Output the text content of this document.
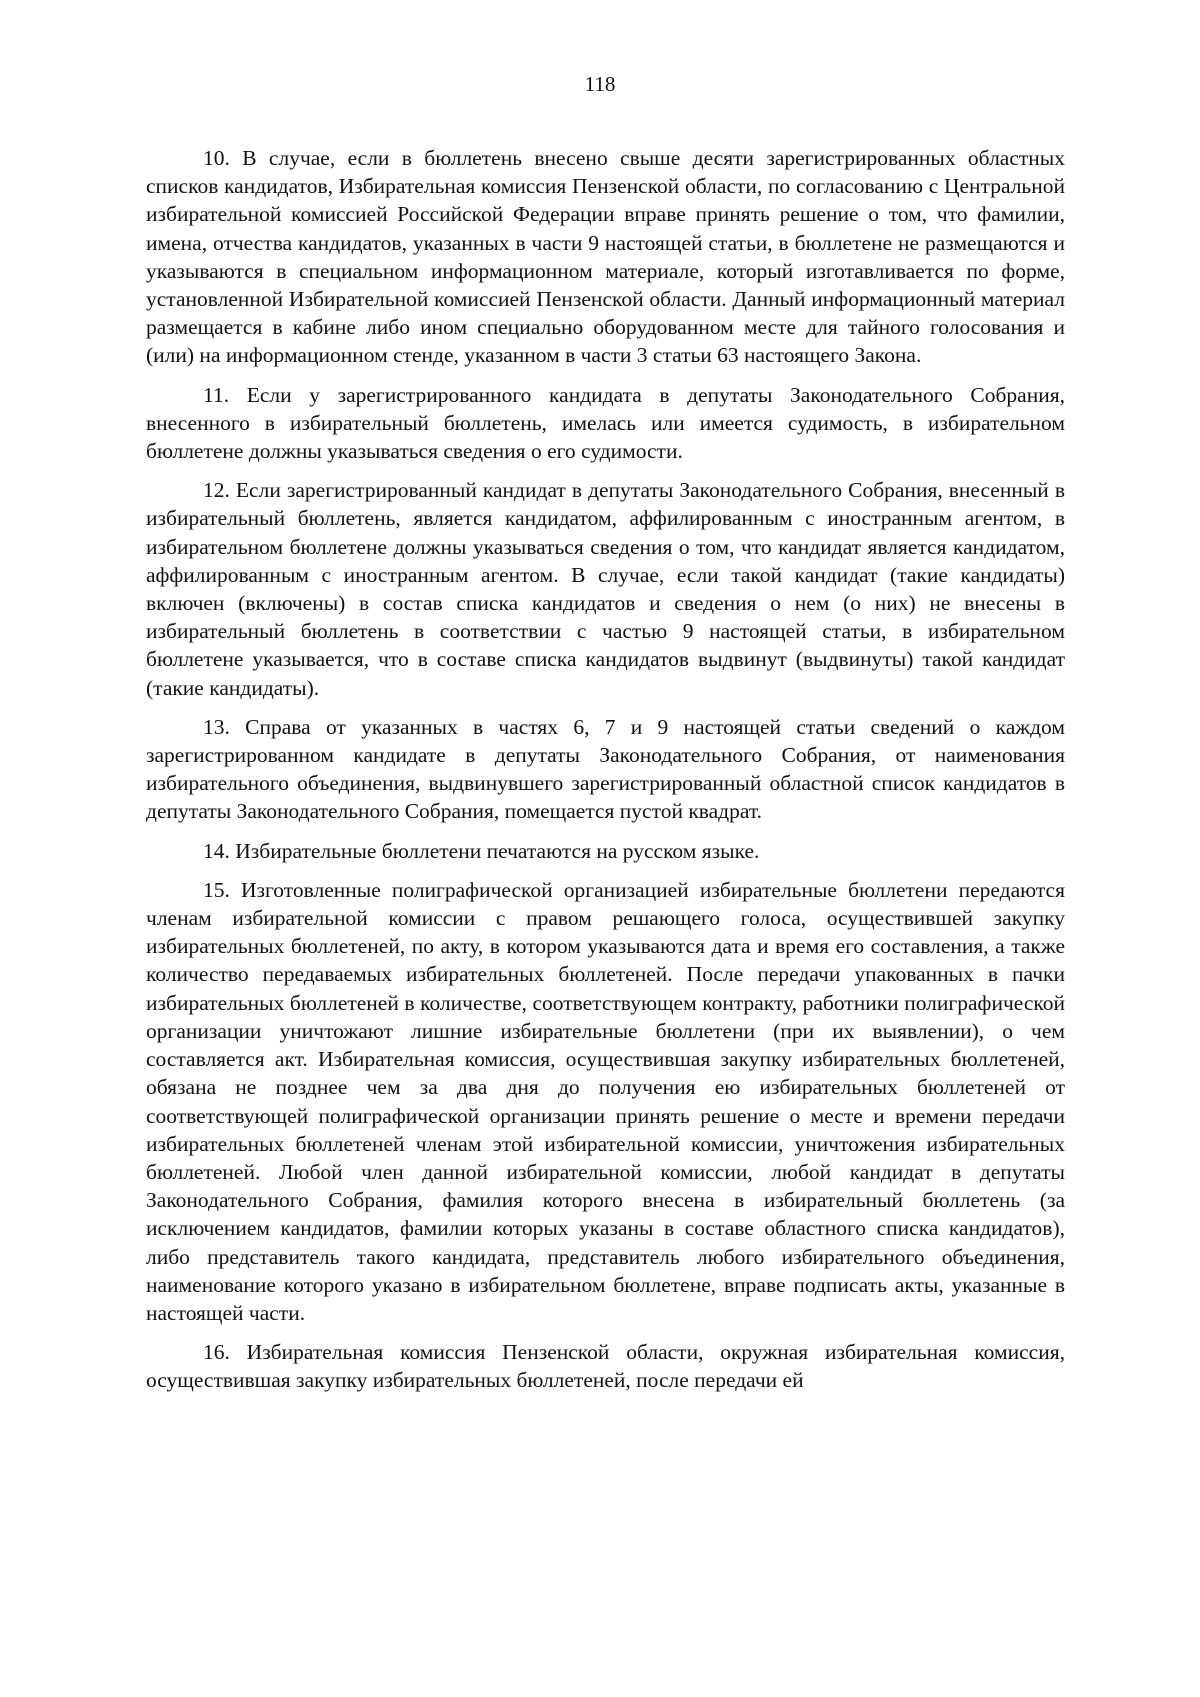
118

10. В случае, если в бюллетень внесено свыше десяти зарегистрированных областных списков кандидатов, Избирательная комиссия Пензенской области, по согласованию с Центральной избирательной комиссией Российской Федерации вправе принять решение о том, что фамилии, имена, отчества кандидатов, указанных в части 9 настоящей статьи, в бюллетене не размещаются и указываются в специальном информационном материале, который изготавливается по форме, установленной Избирательной комиссией Пензенской области. Данный информационный материал размещается в кабине либо ином специально оборудованном месте для тайного голосования и (или) на информационном стенде, указанном в части 3 статьи 63 настоящего Закона.

11. Если у зарегистрированного кандидата в депутаты Законодательного Собрания, внесенного в избирательный бюллетень, имелась или имеется судимость, в избирательном бюллетене должны указываться сведения о его судимости.

12. Если зарегистрированный кандидат в депутаты Законодательного Собрания, внесенный в избирательный бюллетень, является кандидатом, аффилированным с иностранным агентом, в избирательном бюллетене должны указываться сведения о том, что кандидат является кандидатом, аффилированным с иностранным агентом. В случае, если такой кандидат (такие кандидаты) включен (включены) в состав списка кандидатов и сведения о нем (о них) не внесены в избирательный бюллетень в соответствии с частью 9 настоящей статьи, в избирательном бюллетене указывается, что в составе списка кандидатов выдвинут (выдвинуты) такой кандидат (такие кандидаты).

13. Справа от указанных в частях 6, 7 и 9 настоящей статьи сведений о каждом зарегистрированном кандидате в депутаты Законодательного Собрания, от наименования избирательного объединения, выдвинувшего зарегистрированный областной список кандидатов в депутаты Законодательного Собрания, помещается пустой квадрат.

14. Избирательные бюллетени печатаются на русском языке.

15. Изготовленные полиграфической организацией избирательные бюллетени передаются членам избирательной комиссии с правом решающего голоса, осуществившей закупку избирательных бюллетеней, по акту, в котором указываются дата и время его составления, а также количество передаваемых избирательных бюллетеней. После передачи упакованных в пачки избирательных бюллетеней в количестве, соответствующем контракту, работники полиграфической организации уничтожают лишние избирательные бюллетени (при их выявлении), о чем составляется акт. Избирательная комиссия, осуществившая закупку избирательных бюллетеней, обязана не позднее чем за два дня до получения ею избирательных бюллетеней от соответствующей полиграфической организации принять решение о месте и времени передачи избирательных бюллетеней членам этой избирательной комиссии, уничтожения избирательных бюллетеней. Любой член данной избирательной комиссии, любой кандидат в депутаты Законодательного Собрания, фамилия которого внесена в избирательный бюллетень (за исключением кандидатов, фамилии которых указаны в составе областного списка кандидатов), либо представитель такого кандидата, представитель любого избирательного объединения, наименование которого указано в избирательном бюллетене, вправе подписать акты, указанные в настоящей части.

16. Избирательная комиссия Пензенской области, окружная избирательная комиссия, осуществившая закупку избирательных бюллетеней, после передачи ей
